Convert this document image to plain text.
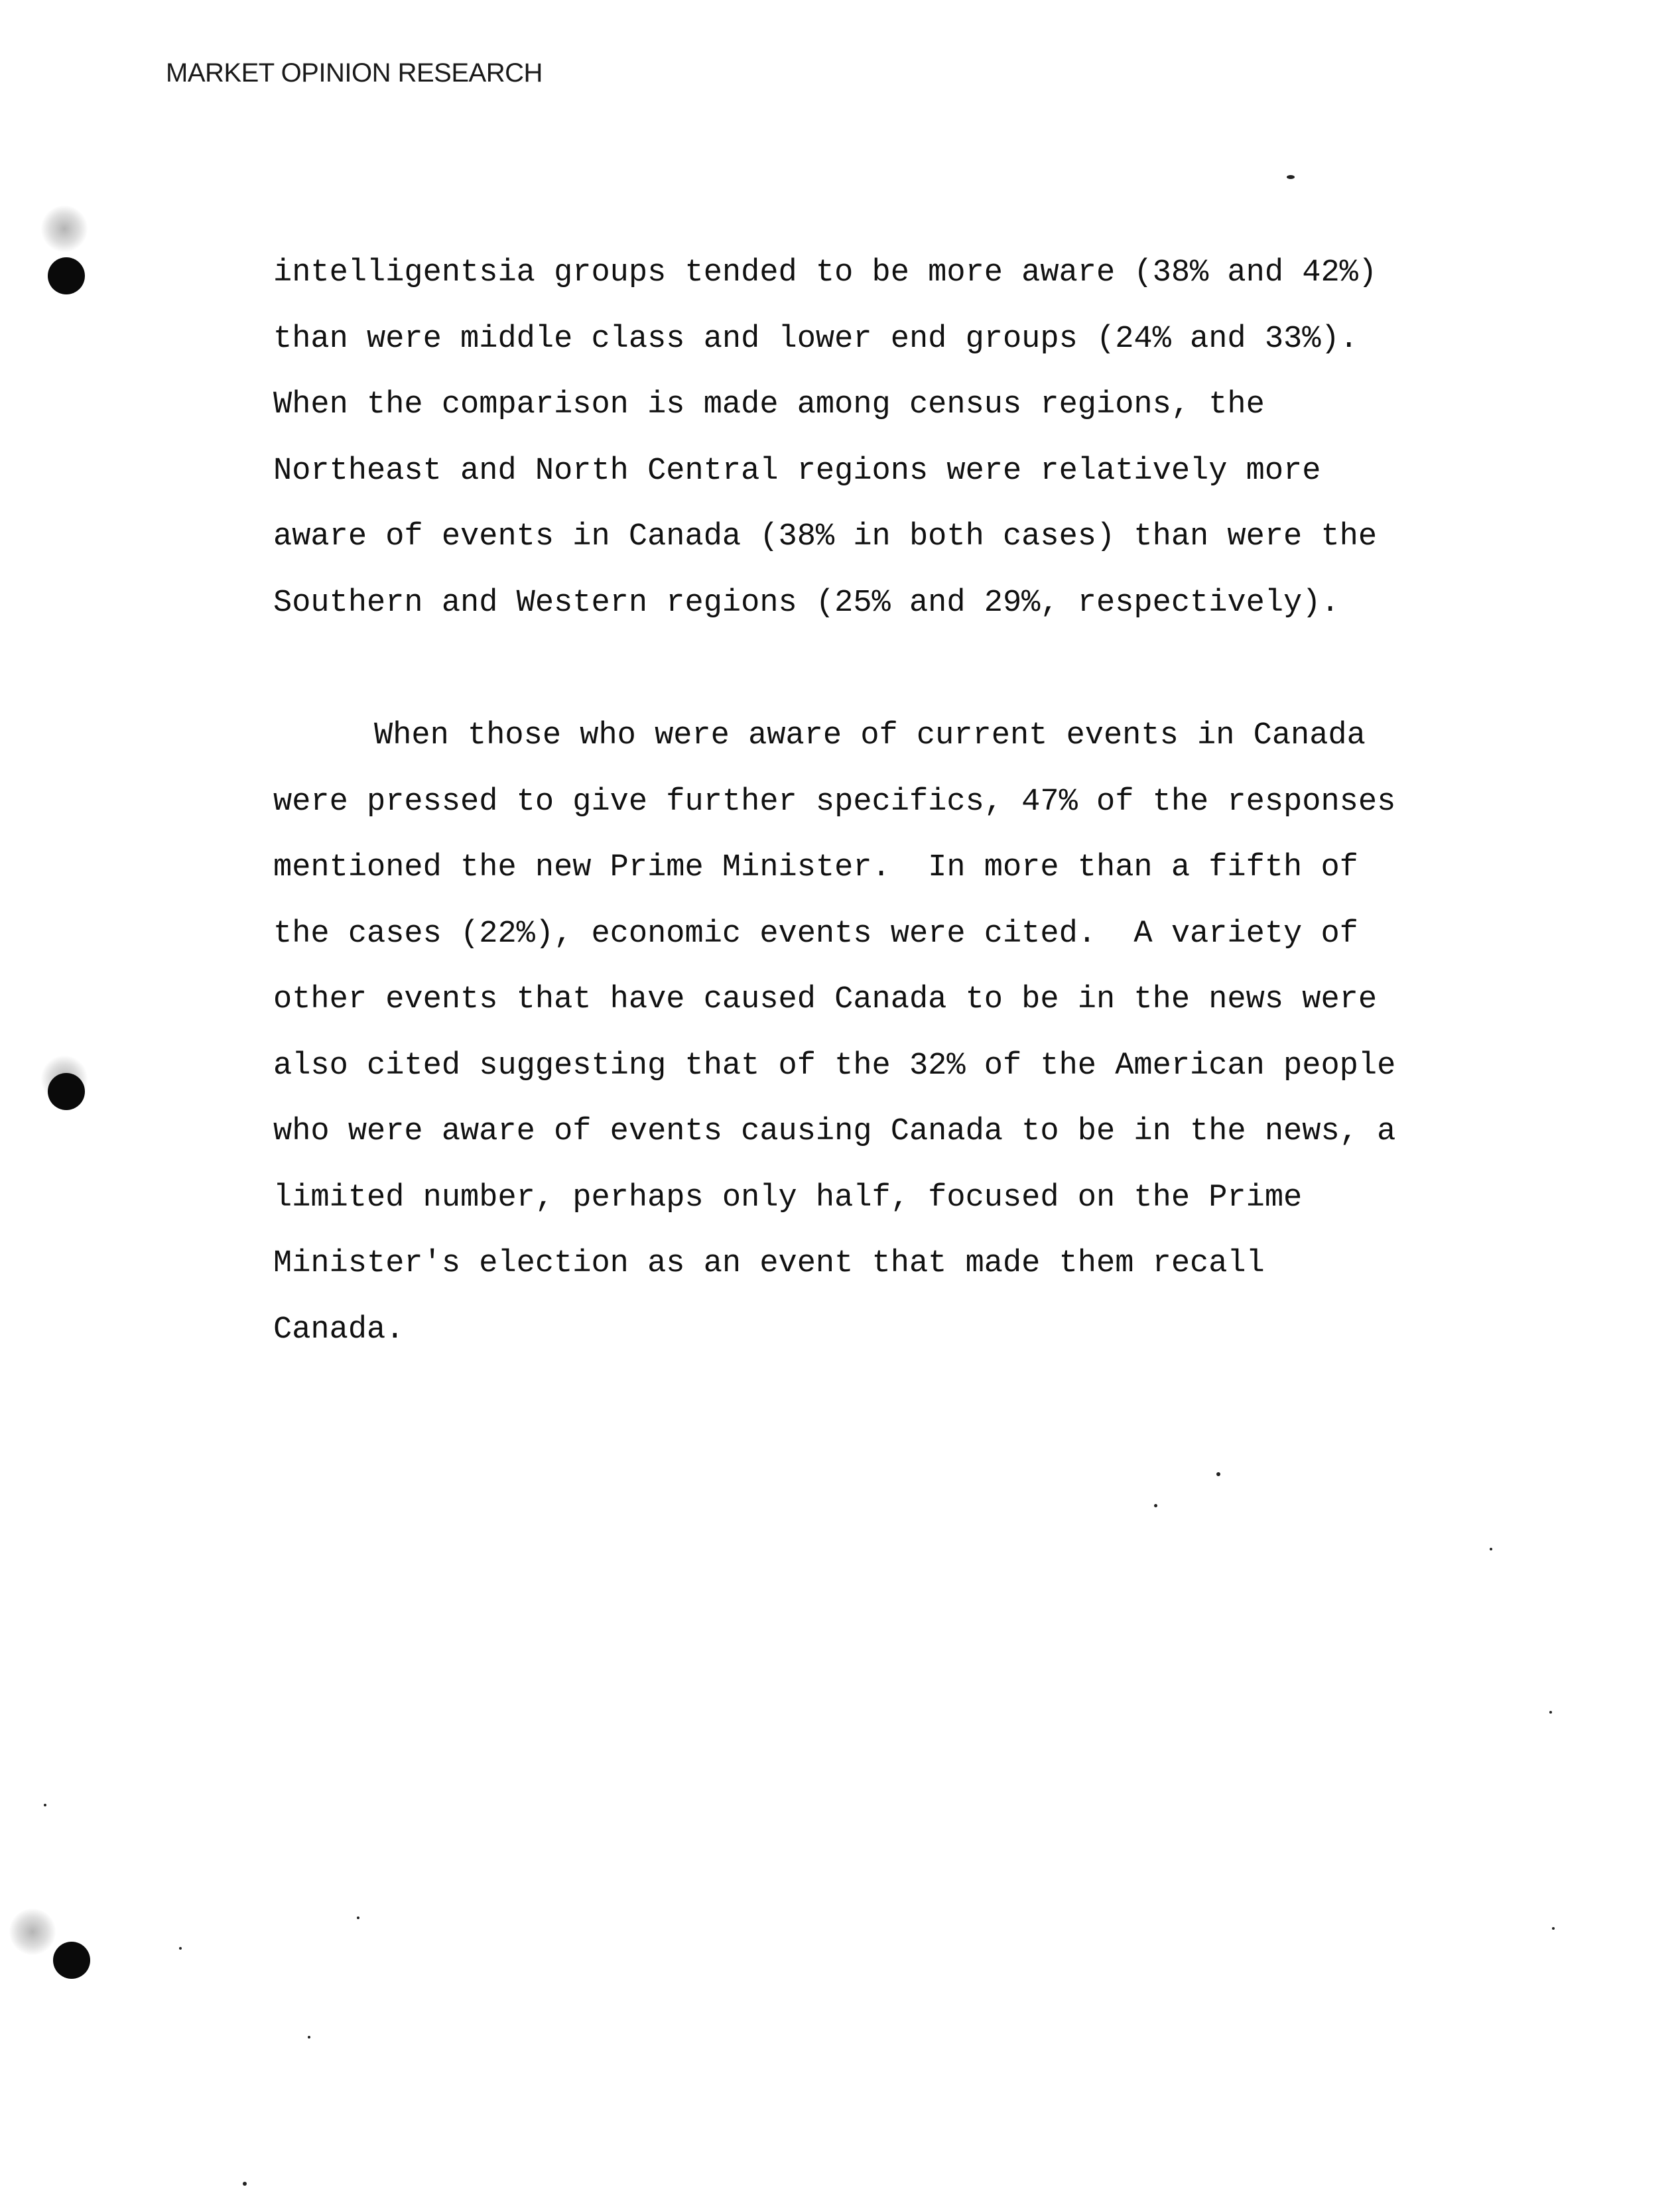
MARKET OPINION RESEARCH
intelligentsia groups tended to be more aware (38% and 42%)
than were middle class and lower end groups (24% and 33%).
When the comparison is made among census regions, the
Northeast and North Central regions were relatively more
aware of events in Canada (38% in both cases) than were the
Southern and Western regions (25% and 29%, respectively).
When those who were aware of current events in Canada
were pressed to give further specifics, 47% of the responses
mentioned the new Prime Minister.  In more than a fifth of
the cases (22%), economic events were cited.  A variety of
other events that have caused Canada to be in the news were
also cited suggesting that of the 32% of the American people
who were aware of events causing Canada to be in the news, a
limited number, perhaps only half, focused on the Prime
Minister's election as an event that made them recall
Canada.
